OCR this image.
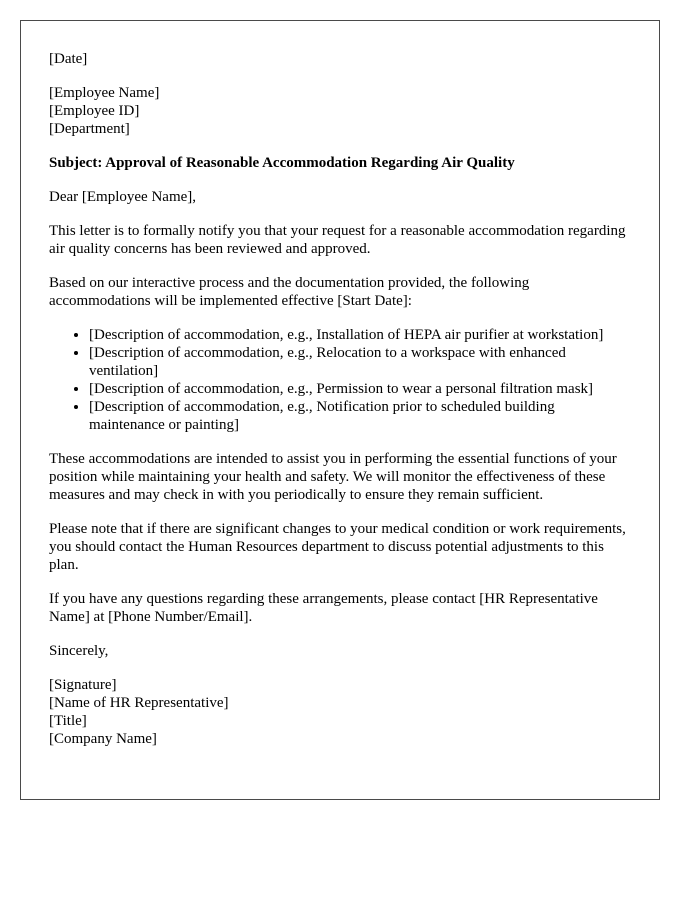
[Date]
[Employee Name]
[Employee ID]
[Department]

Subject: Approval of Reasonable Accommodation Regarding Air Quality

Dear [Employee Name],

This letter is to formally notify you that your request for a reasonable accommodation regarding air quality concerns has been reviewed and approved.

Based on our interactive process and the documentation provided, the following accommodations will be implemented effective [Start Date]:

• [Description of accommodation, e.g., Installation of HEPA air purifier at workstation]
• [Description of accommodation, e.g., Relocation to a workspace with enhanced ventilation]
• [Description of accommodation, e.g., Permission to wear a personal filtration mask]
• [Description of accommodation, e.g., Notification prior to scheduled building maintenance or painting]

These accommodations are intended to assist you in performing the essential functions of your position while maintaining your health and safety. We will monitor the effectiveness of these measures and may check in with you periodically to ensure they remain sufficient.

Please note that if there are significant changes to your medical condition or work requirements, you should contact the Human Resources department to discuss potential adjustments to this plan.

If you have any questions regarding these arrangements, please contact [HR Representative Name] at [Phone Number/Email].

Sincerely,

[Signature]
[Name of HR Representative]
[Title]
[Company Name]
